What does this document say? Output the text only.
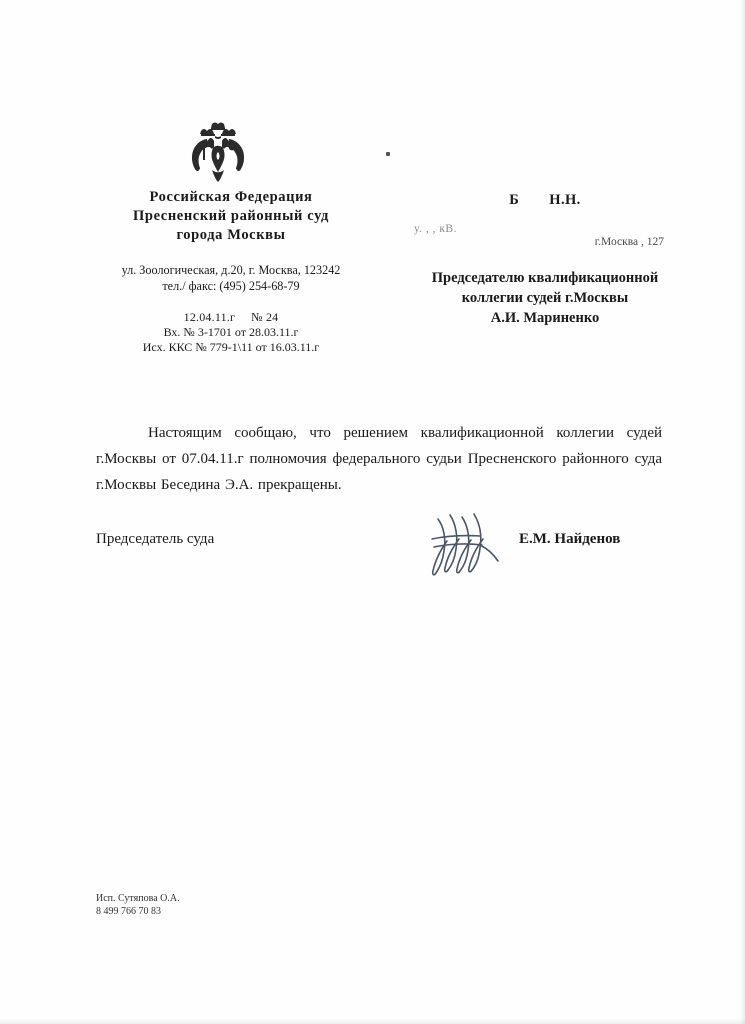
Российская Федерация
Пресненский районный суд
города Москвы
ул. Зоологическая, д.20, г. Москва, 123242
тел./ факс: (495) 254-68-79
12.04.11.г № 24
Вх. № 3-1701 от 28.03.11.г
Исх. ККС № 779-1\11 от 16.03.11.г
Б Н.Н.
у. , , кВ.
г.Москва , 127
Председателю квалификационной
коллегии судей г.Москвы
А.И. Мариненко
Настоящим сообщаю, что решением квалификационной коллегии судей г.Москвы от 07.04.11.г полномочия федерального судьи Пресненского районного суда г.Москвы Беседина Э.А. прекращены.
Председатель суда	Е.М. Найденов
Исп. Сутяпова О.А.
8 499 766 70 83
